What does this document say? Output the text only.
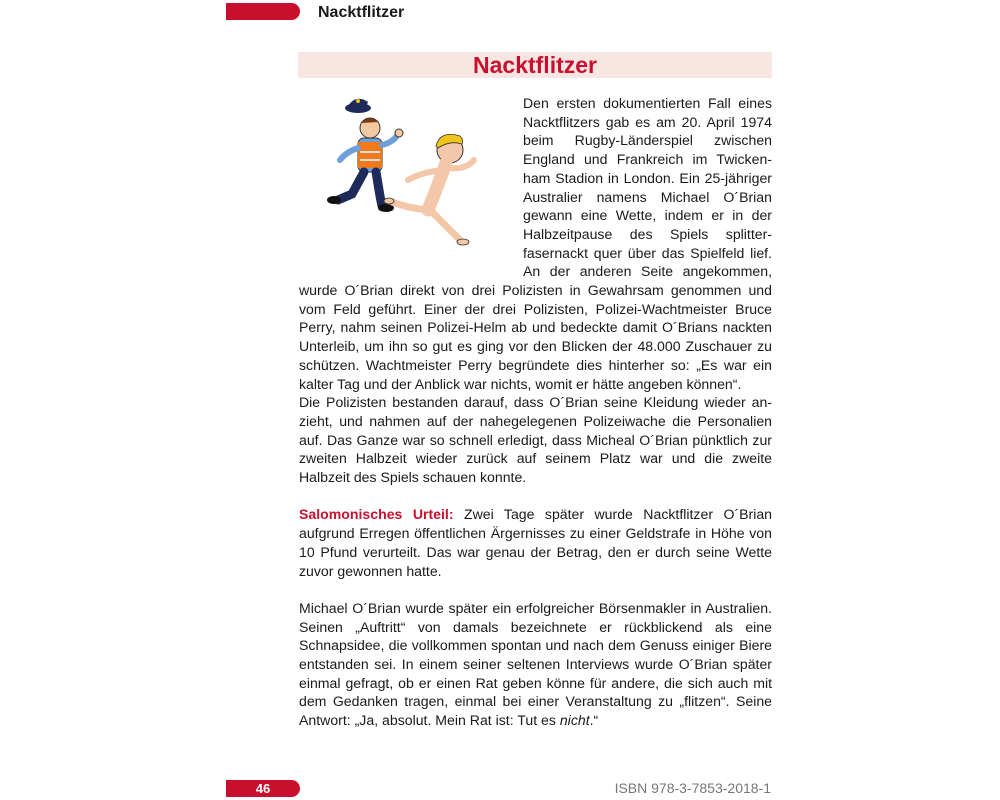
Nacktflitzer
Nacktflitzer

Den ersten dokumentierten Fall eines Nacktflitzers gab es am 20. April 1974 beim Rugby-Länderspiel zwischen England und Frankreich im Twickenham Stadion in London. Ein 25-jähriger Australier namens Michael O´Brian gewann eine Wette, indem er in der Halbzeitpause des Spiels splitterfasernackt quer über das Spielfeld lief. An der anderen Seite angekommen, wurde O´Brian direkt von drei Polizisten in Gewahrsam genommen und vom Feld geführt. Einer der drei Polizisten, Polizei-Wachtmeister Bruce Perry, nahm seinen Polizei-Helm ab und bedeckte damit O´Brians nackten Unterleib, um ihn so gut es ging vor den Blicken der 48.000 Zuschauer zu schützen. Wachtmeister Perry begründete dies hinterher so: „Es war ein kalter Tag und der Anblick war nichts, womit er hätte angeben können“.

Die Polizisten bestanden darauf, dass O´Brian seine Kleidung wieder anzieht, und nahmen auf der nahegelegenen Polizeiwache die Personalien auf. Das Ganze war so schnell erledigt, dass Micheal O´Brian pünktlich zur zweiten Halbzeit wieder zurück auf seinem Platz war und die zweite Halbzeit des Spiels schauen konnte.

Salomonisches Urteil: Zwei Tage später wurde Nacktflitzer O´Brian aufgrund Erregen öffentlichen Ärgernisses zu einer Geldstrafe in Höhe von 10 Pfund verurteilt. Das war genau der Betrag, den er durch seine Wette zuvor gewonnen hatte.

Michael O´Brian wurde später ein erfolgreicher Börsenmakler in Australien. Seinen „Auftritt“ von damals bezeichnete er rückblickend als eine Schnapsidee, die vollkommen spontan und nach dem Genuss einiger Biere entstanden sei. In einem seiner seltenen Interviews wurde O´Brian später einmal gefragt, ob er einen Rat geben könne für andere, die sich auch mit dem Gedanken tragen, einmal bei einer Veranstaltung zu „flitzen“. Seine Antwort: „Ja, absolut. Mein Rat ist: Tut es nicht.“

46	ISBN 978-3-7853-2018-1
